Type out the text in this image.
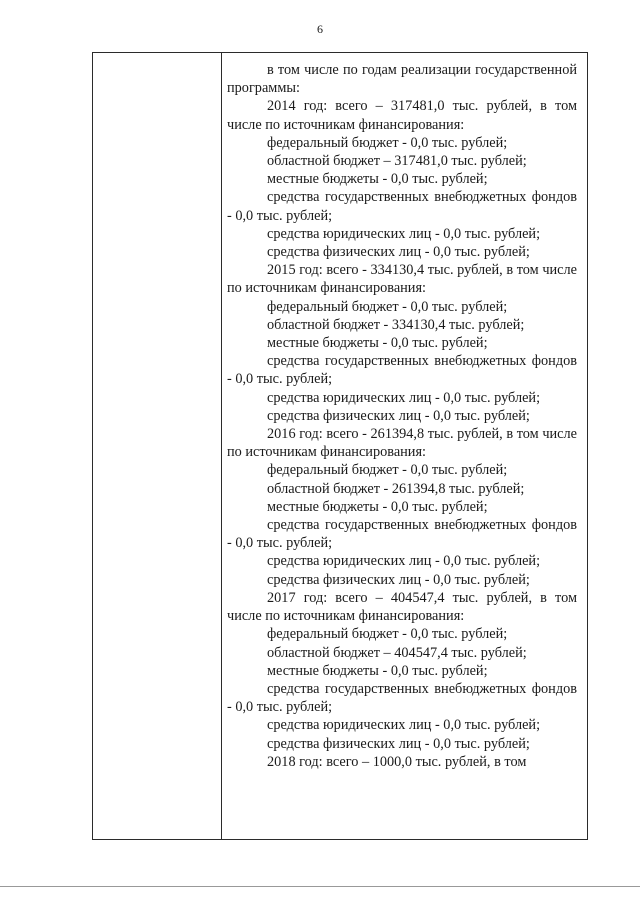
6

в том числе по годам реализации государственной программы:

2014 год: всего – 317481,0 тыс. рублей, в том числе по источникам финансирования:

федеральный бюджет - 0,0 тыс. рублей;

областной бюджет – 317481,0 тыс. рублей;

местные бюджеты - 0,0 тыс. рублей;

средства государственных внебюджетных фондов - 0,0 тыс. рублей;

средства юридических лиц - 0,0 тыс. рублей;

средства физических лиц - 0,0 тыс. рублей;

2015 год: всего - 334130,4 тыс. рублей, в том числе по источникам финансирования:

федеральный бюджет - 0,0 тыс. рублей;

областной бюджет - 334130,4 тыс. рублей;

местные бюджеты - 0,0 тыс. рублей;

средства государственных внебюджетных фондов - 0,0 тыс. рублей;

средства юридических лиц - 0,0 тыс. рублей;

средства физических лиц - 0,0 тыс. рублей;

2016 год: всего - 261394,8 тыс. рублей, в том числе по источникам финансирования:

федеральный бюджет - 0,0 тыс. рублей;

областной бюджет - 261394,8 тыс. рублей;

местные бюджеты - 0,0 тыс. рублей;

средства государственных внебюджетных фондов - 0,0 тыс. рублей;

средства юридических лиц - 0,0 тыс. рублей;

средства физических лиц - 0,0 тыс. рублей;

2017 год: всего – 404547,4 тыс. рублей, в том числе по источникам финансирования:

федеральный бюджет - 0,0 тыс. рублей;

областной бюджет – 404547,4 тыс. рублей;

местные бюджеты - 0,0 тыс. рублей;

средства государственных внебюджетных фондов - 0,0 тыс. рублей;

средства юридических лиц - 0,0 тыс. рублей;

средства физических лиц - 0,0 тыс. рублей;

2018 год: всего – 1000,0 тыс. рублей, в том
